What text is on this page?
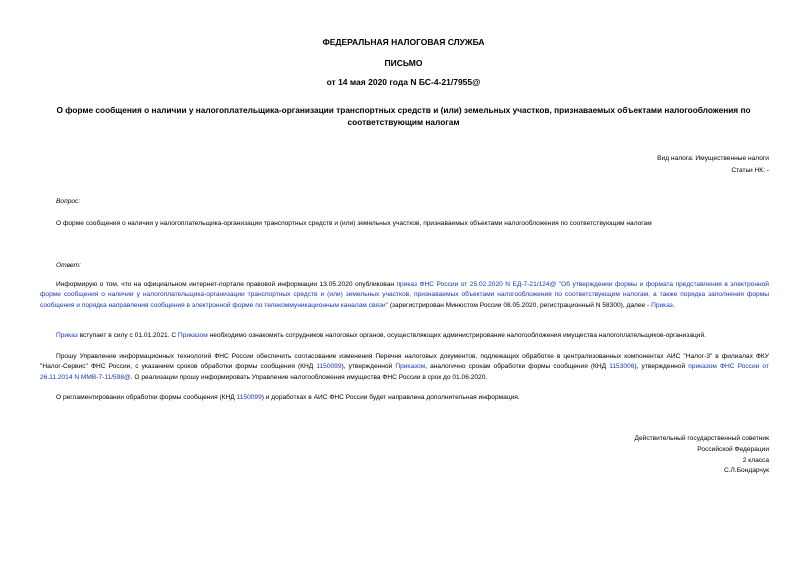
ФЕДЕРАЛЬНАЯ НАЛОГОВАЯ СЛУЖБА
ПИСЬМО
от 14 мая 2020 года N БС-4-21/7955@
О форме сообщения о наличии у налогоплательщика-организации транспортных средств и (или) земельных участков, признаваемых объектами налогообложения по соответствующим налогам
Вид налога: Имущественные налоги
Статьи НК: -
Вопрос:
О форме сообщения о наличии у налогоплательщика-организации транспортных средств и (или) земельных участков, признаваемых объектами налогообложения по соответствующим налогам
Ответ:
Информирую о том, что на официальном интернет-портале правовой информации 13.05.2020 опубликован приказ ФНС России от 25.02.2020 N ЕД-7-21/124@ "Об утверждении формы и формата представления в электронной форме сообщения о наличии у налогоплательщика-организации транспортных средств и (или) земельных участков, признаваемых объектами налогообложения по соответствующим налогам, а также порядка заполнения формы сообщения и порядка направления сообщения в электронной форме по телекоммуникационным каналам связи" (зарегистрирован Минюстом России 08.05.2020, регистрационный N 58300), далее - Приказ.
Приказ вступает в силу с 01.01.2021. С Приказом необходимо ознакомить сотрудников налоговых органов, осуществляющих администрирование налогообложения имущества налогоплательщиков-организаций.
Прошу Управление информационных технологий ФНС России обеспечить согласование изменения Перечня налоговых документов, подлежащих обработке в централизованных компонентах АИС "Налог-3" в филиалах ФКУ "Налог-Сервис" ФНС России, с указанием сроков обработки формы сообщения (КНД 1150099), утвержденной Приказом, аналогично срокам обработки формы сообщения (КНД 1153006), утвержденной приказом ФНС России от 26.11.2014 N ММВ-7-11/598@. О реализации прошу информировать Управление налогообложения имущества ФНС России в срок до 01.06.2020.
О регламентировании обработки формы сообщения (КНД 1150099) и доработках в АИС ФНС России будет направлена дополнительная информация.
Действительный государственный советник
Российской Федерации
2 класса
С.Л.Бондарчук
